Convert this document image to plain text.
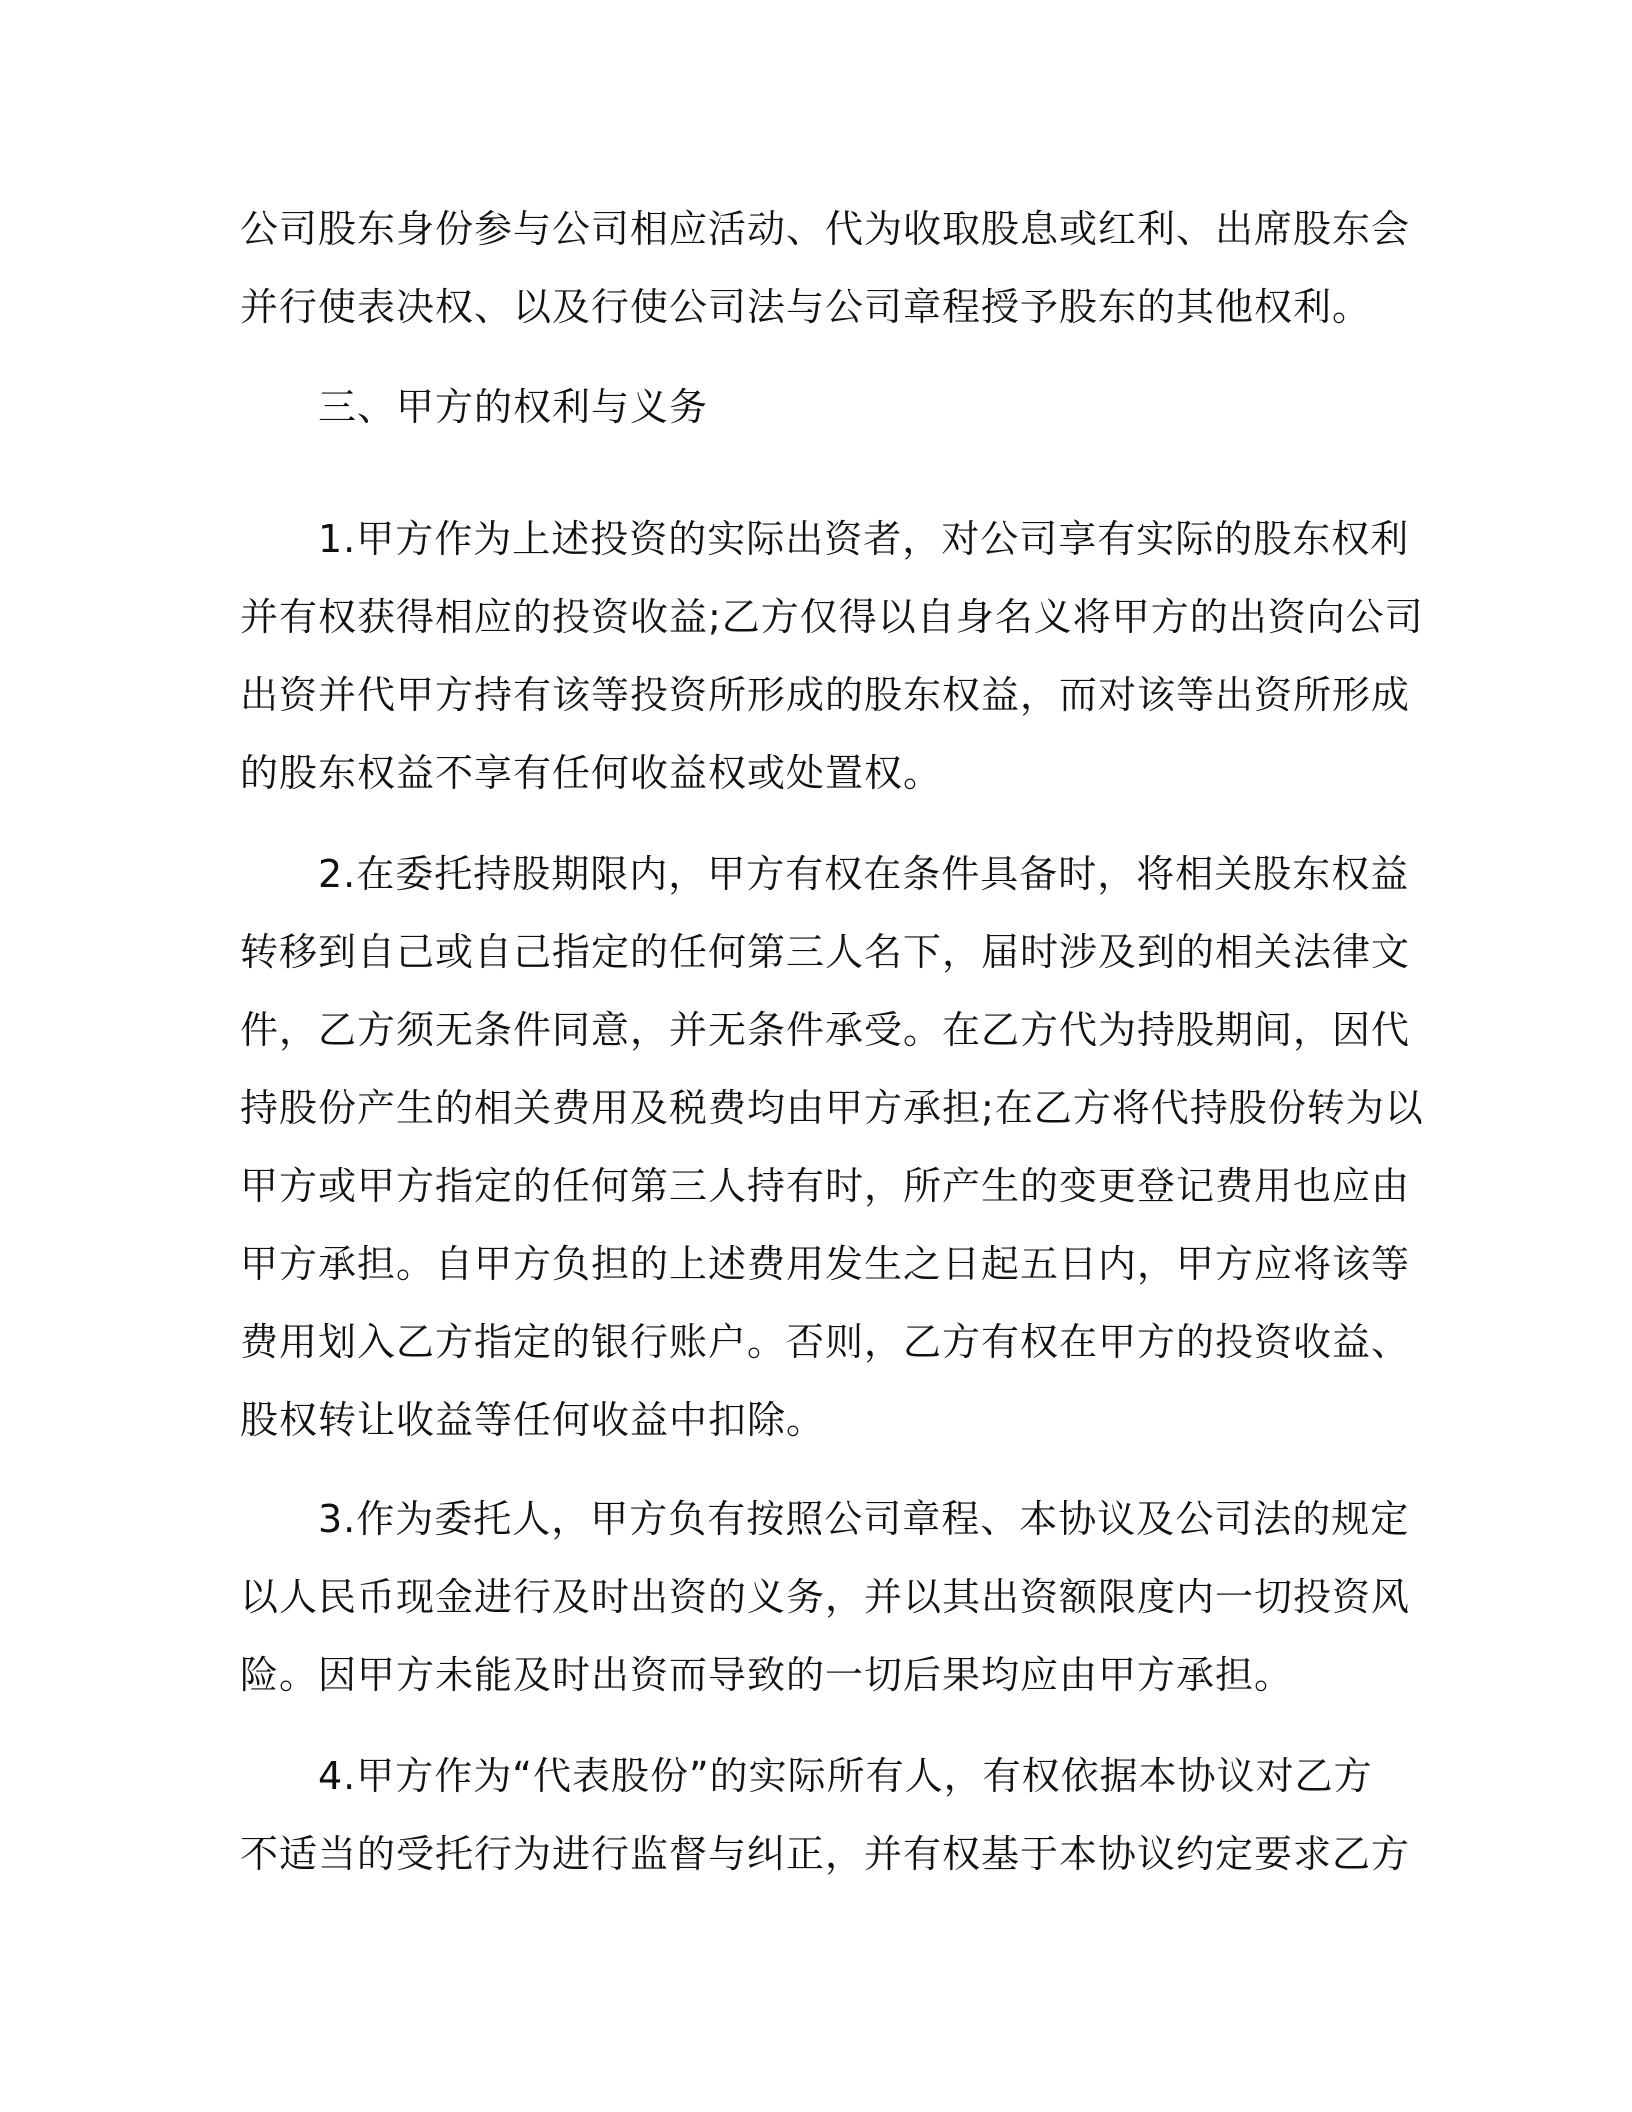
公司股东身份参与公司相应活动、代为收取股息或红利、出席股东会
并行使表决权、以及行使公司法与公司章程授予股东的其他权利。
三、甲方的权利与义务
1.甲方作为上述投资的实际出资者，对公司享有实际的股东权利
并有权获得相应的投资收益;乙方仅得以自身名义将甲方的出资向公司
出资并代甲方持有该等投资所形成的股东权益，而对该等出资所形成
的股东权益不享有任何收益权或处置权。
2.在委托持股期限内，甲方有权在条件具备时，将相关股东权益
转移到自己或自己指定的任何第三人名下，届时涉及到的相关法律文
件，乙方须无条件同意，并无条件承受。在乙方代为持股期间，因代
持股份产生的相关费用及税费均由甲方承担;在乙方将代持股份转为以
甲方或甲方指定的任何第三人持有时，所产生的变更登记费用也应由
甲方承担。自甲方负担的上述费用发生之日起五日内，甲方应将该等
费用划入乙方指定的银行账户。否则，乙方有权在甲方的投资收益、
股权转让收益等任何收益中扣除。
3.作为委托人，甲方负有按照公司章程、本协议及公司法的规定
以人民币现金进行及时出资的义务，并以其出资额限度内一切投资风
险。因甲方未能及时出资而导致的一切后果均应由甲方承担。
4.甲方作为“代表股份”的实际所有人，有权依据本协议对乙方
不适当的受托行为进行监督与纠正，并有权基于本协议约定要求乙方
